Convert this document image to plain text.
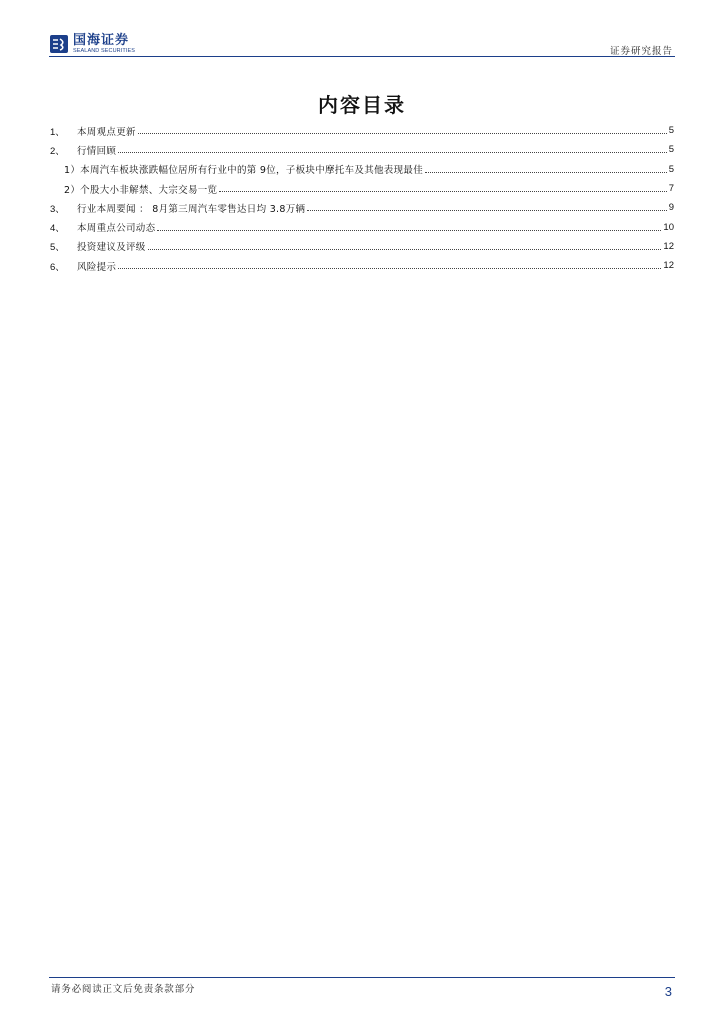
国海证券
SEALAND SECURITIES	证券研究报告
内容目录
1、	本周观点更新	5
2、	行情回顾	5
1）本周汽车板块涨跌幅位居所有行业中的第 9位，子板块中摩托车及其他表现最佳	5
2）个股大小非解禁、大宗交易一览	7
3、	行业本周要闻 ： 8月第三周汽车零售达日均 3.8万辆	9
4、	本周重点公司动态	10
5、	投资建议及评级	12
6、	风险提示	12
请务必阅读正文后免责条款部分	3
